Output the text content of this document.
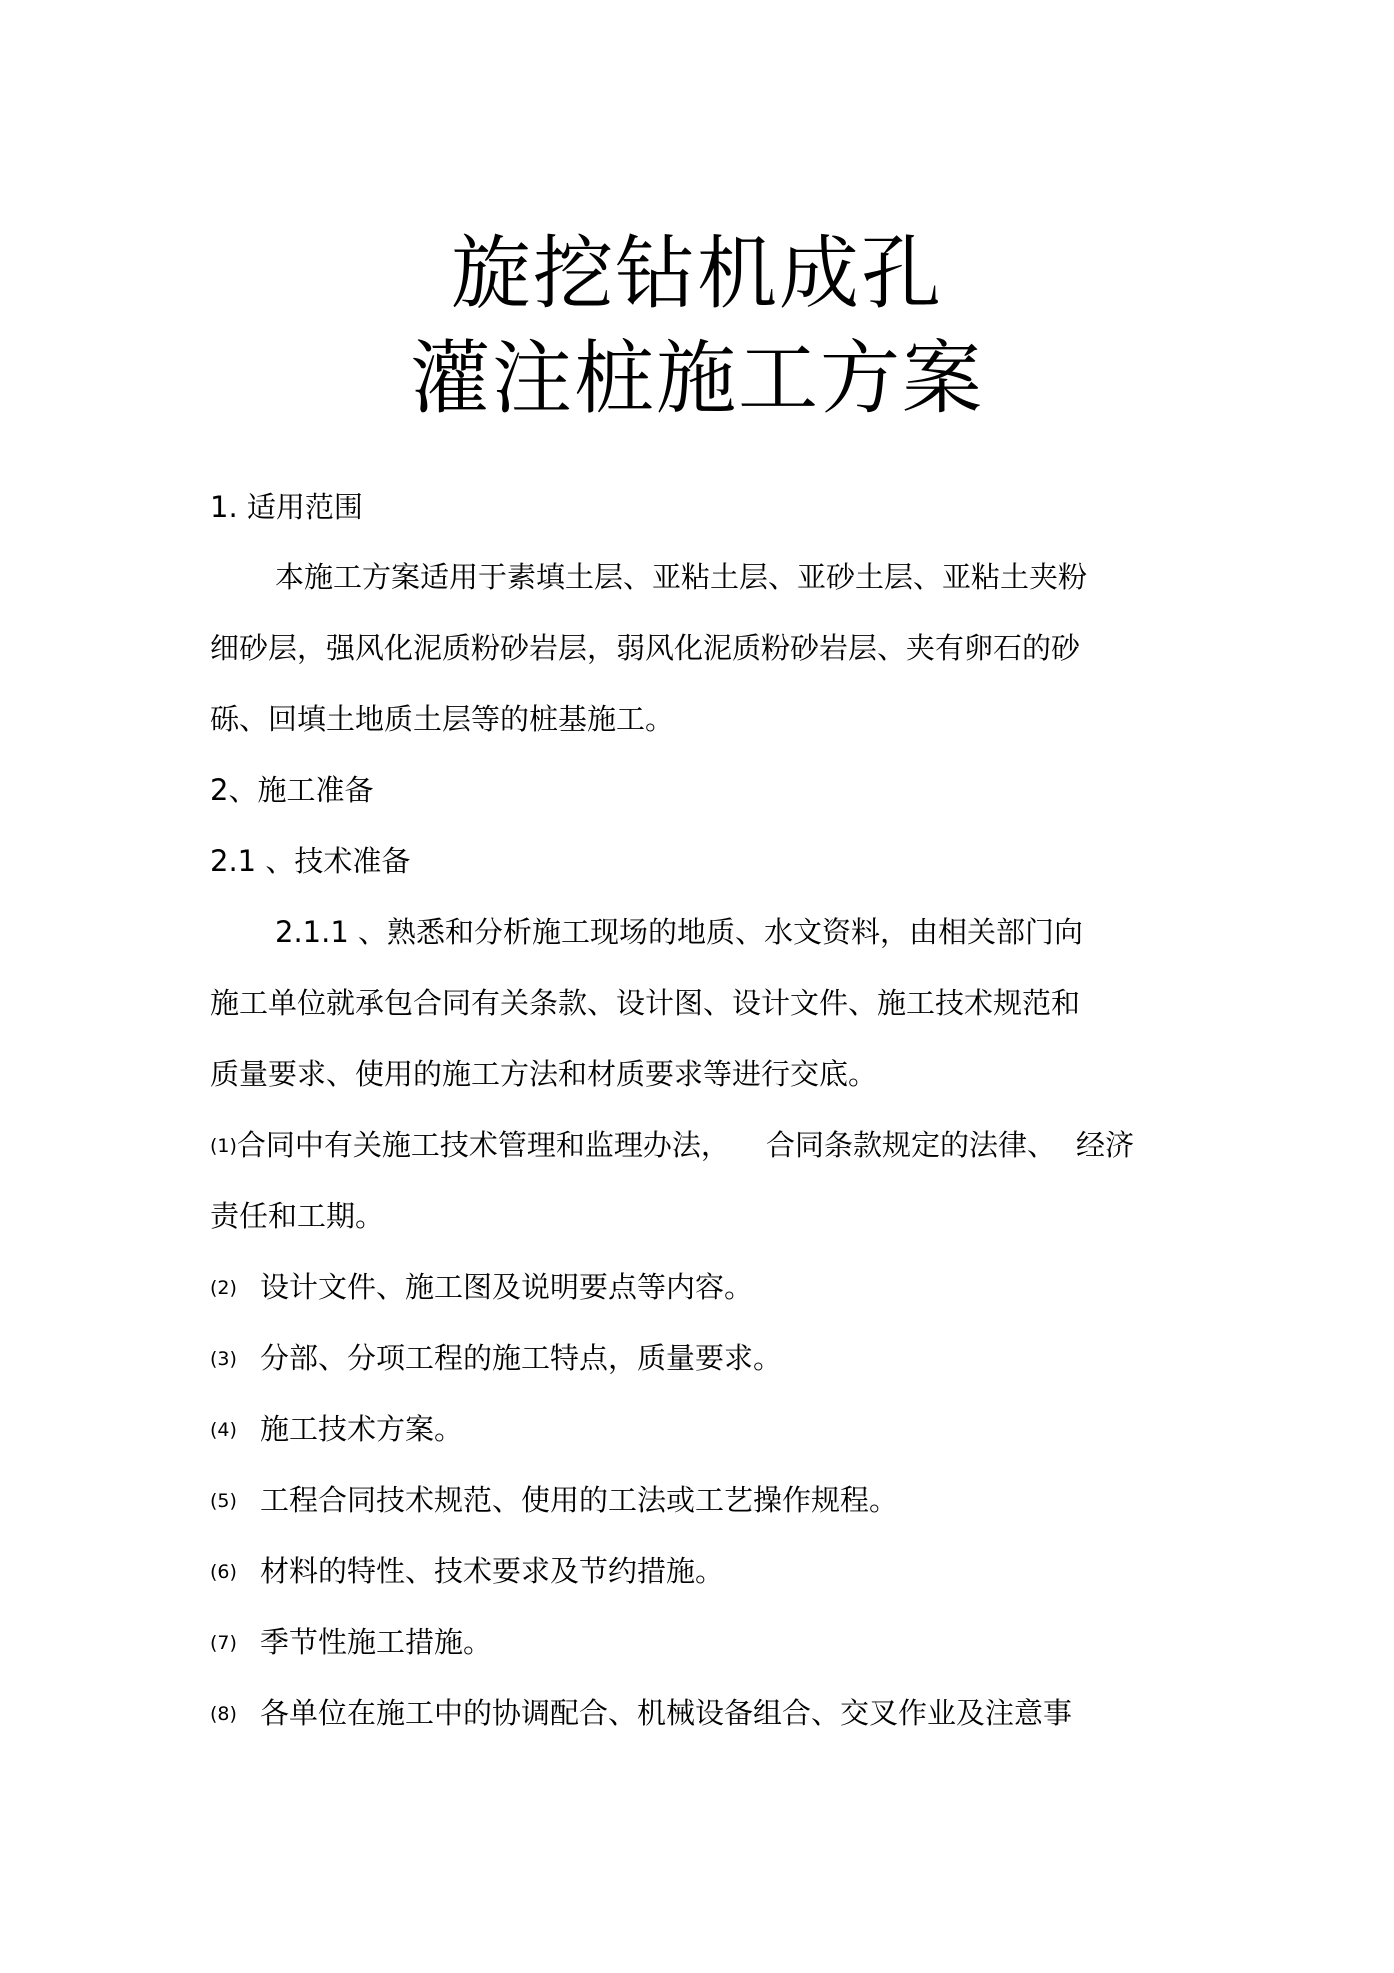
旋挖钻机成孔
灌注桩施工方案
1. 适用范围
本施工方案适用于素填土层、亚粘土层、亚砂土层、亚粘土夹粉
细砂层，强风化泥质粉砂岩层，弱风化泥质粉砂岩层、夹有卵石的砂
砾、回填土地质土层等的桩基施工。
2、施工准备
2.1 、技术准备
2.1.1 、熟悉和分析施工现场的地质、水文资料，由相关部门向
施工单位就承包合同有关条款、设计图、设计文件、施工技术规范和
质量要求、使用的施工方法和材质要求等进行交底。
(1)合同中有关施工技术管理和监理办法， 合同条款规定的法律、 经济
责任和工期。
(2) 设计文件、施工图及说明要点等内容。
(3) 分部、分项工程的施工特点，质量要求。
(4) 施工技术方案。
(5) 工程合同技术规范、使用的工法或工艺操作规程。
(6) 材料的特性、技术要求及节约措施。
(7) 季节性施工措施。
(8) 各单位在施工中的协调配合、机械设备组合、交叉作业及注意事
